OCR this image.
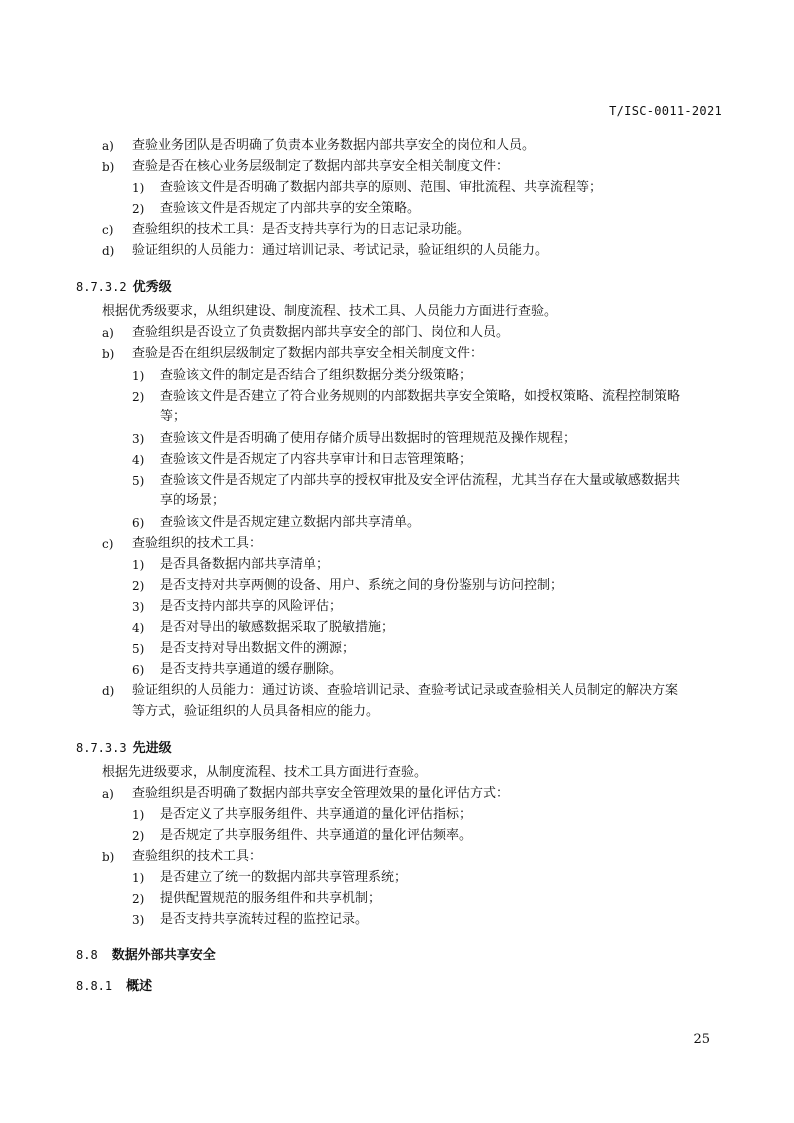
T/ISC-0011-2021
a) 查验业务团队是否明确了负责本业务数据内部共享安全的岗位和人员。
b) 查验是否在核心业务层级制定了数据内部共享安全相关制度文件：
1) 查验该文件是否明确了数据内部共享的原则、范围、审批流程、共享流程等；
2) 查验该文件是否规定了内部共享的安全策略。
c) 查验组织的技术工具：是否支持共享行为的日志记录功能。
d) 验证组织的人员能力：通过培训记录、考试记录，验证组织的人员能力。
8.7.3.2 优秀级
根据优秀级要求，从组织建设、制度流程、技术工具、人员能力方面进行查验。
a) 查验组织是否设立了负责数据内部共享安全的部门、岗位和人员。
b) 查验是否在组织层级制定了数据内部共享安全相关制度文件：
1) 查验该文件的制定是否结合了组织数据分类分级策略；
2) 查验该文件是否建立了符合业务规则的内部数据共享安全策略，如授权策略、流程控制策略
等；
3) 查验该文件是否明确了使用存储介质导出数据时的管理规范及操作规程；
4) 查验该文件是否规定了内容共享审计和日志管理策略；
5) 查验该文件是否规定了内部共享的授权审批及安全评估流程，尤其当存在大量或敏感数据共
享的场景；
6) 查验该文件是否规定建立数据内部共享清单。
c) 查验组织的技术工具：
1) 是否具备数据内部共享清单；
2) 是否支持对共享两侧的设备、用户、系统之间的身份鉴别与访问控制；
3) 是否支持内部共享的风险评估；
4) 是否对导出的敏感数据采取了脱敏措施；
5) 是否支持对导出数据文件的溯源；
6) 是否支持共享通道的缓存删除。
d) 验证组织的人员能力：通过访谈、查验培训记录、查验考试记录或查验相关人员制定的解决方案
等方式，验证组织的人员具备相应的能力。
8.7.3.3 先进级
根据先进级要求，从制度流程、技术工具方面进行查验。
a) 查验组织是否明确了数据内部共享安全管理效果的量化评估方式：
1) 是否定义了共享服务组件、共享通道的量化评估指标；
2) 是否规定了共享服务组件、共享通道的量化评估频率。
b) 查验组织的技术工具：
1) 是否建立了统一的数据内部共享管理系统；
2) 提供配置规范的服务组件和共享机制；
3) 是否支持共享流转过程的监控记录。
8.8 数据外部共享安全
8.8.1 概述
25
